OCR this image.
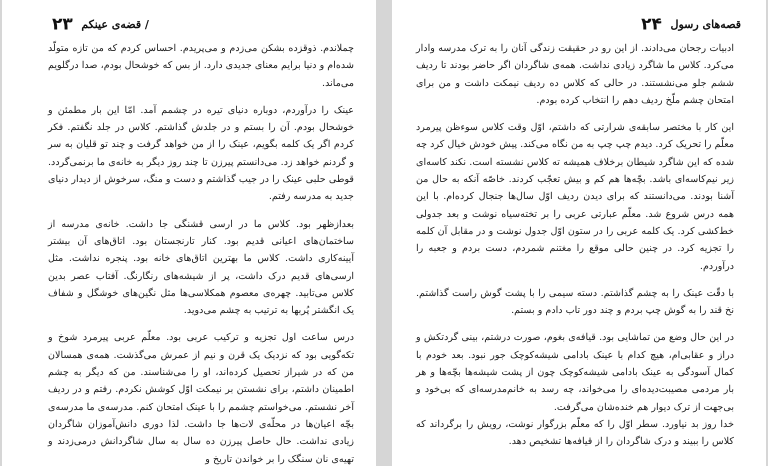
۲۳ قضه‌ی عینکم /

چملاندم. ذوقزده بشکن می‌زدم و می‌پریدم. احساس کردم که من تازه متولّد شده‌ام و دنیا برایم معنای جدیدی دارد. از بس که خوشحال بودم، صدا درگلویم می‌ماند.

عینک را درآوردم، دوباره دنیای تیره در چشمم آمد. امّا این بار مطمئن و خوشحال بودم. آن را بستم و در جلدش گذاشتم. کلاس در جلد نگفتم. فکر کردم اگر یک کلمه بگویم، عینک را از من خواهد گرفت و چند تو قلیان به سر و گردنم خواهد زد. می‌دانستم پیرزن تا چند روز دیگر به خانه‌ی ما برنمی‌گردد. قوطی حلبی عینک را در جیب گذاشتم و دست و منگ، سرخوش از دیدار دنیای جدید به مدرسه رفتم.

بعدازظهر بود. کلاس ما در ارسی قشنگی جا داشت. خانه‌ی مدرسه از ساختمان‌های اعیانی قدیم بود. کنار تارنجستان بود. اتاق‌های آن بیشتر آیینه‌کاری داشت. کلاس ما بهترین اتاق‌های خانه بود. پنجره نداشت. مثل ارسی‌های قدیم درک داشت، پر از شیشه‌های رنگارنگ. آفتاب عصر بدین کلاس می‌تابید. چهره‌ی معصوم همکلاسی‌ها مثل نگین‌های خوشگل و شفاف یک انگشتر پُربها به ترتیب به چشم می‌دوید.

درس ساعت اول تجزیه و ترکیب عربی بود. معلّم عربی پیرمرد شوخ و تکه‌گویی بود که نزدیک یک قرن و نیم از عمرش می‌گذشت. همه‌ی همسالان من که در شیراز تحصیل کرده‌اند، او را می‌شناسند. من که دیگر به چشم اطمینان داشتم، برای نشستن بر نیمکت اوّل کوشش نکردم. رفتم و در ردیف آخر نشستم. می‌خواستم چشمم را با عینک امتحان کنم. مدرسه‌ی ما مدرسه‌ی بچّه اعیان‌ها در محلّه‌ی لات‌ها جا داشت. لذا دوری دانش‌آموزان شاگردان زیادی نداشت. حال حاصل پیرزن ده سال به سال شاگردانش درمی‌زدند و تهیه‌ی نان سنگک را بر خواندن تاریخ و

قصه‌های رسول ۲۴

ادبیات رجحان می‌دادند. از این رو در حقیقت زندگی آنان را به ترک مدرسه وادار می‌کرد. کلاس ما شاگرد زیادی نداشت. همه‌ی شاگردان اگر حاضر بودند تا ردیف ششم جلو می‌نشستند. در حالی که کلاس ده ردیف نیمکت داشت و من برای امتحان چشم ملّخ ردیف دهم را انتخاب کرده بودم.

این کار با مختصر سابقه‌ی شرارتی که داشتم، اوّل وقت کلاس سوءظن پیرمرد معلّم را تحریک کرد. دیدم چپ چپ به من نگاه می‌کند. پیش خودش خیال کرد چه شده که این شاگرد شیطان برخلاف همیشه ته کلاس نشسته است. نکند کاسه‌ای زیر نیم‌کاسه‌ای باشد. بچّه‌ها هم کم و بیش تعجّب کردند. خاصّه آنکه به حال من آشنا بودند. می‌دانستند که برای دیدن ردیف اوّل سال‌ها جنجال کرده‌ام. با این همه درس شروع شد. معلّم عبارتی عربی را بر تخته‌سیاه نوشت و بعد جدولی خط‌کشی کرد. یک کلمه عربی را در ستون اوّل جدول نوشت و در مقابل آن کلمه را تجزیه کرد. در چنین حالی موقع را مغتنم شمردم، دست بردم و جعبه را درآوردم.

با دقّت عینک را به چشم گذاشتم. دسته سیمی را با پشت گوش راست گذاشتم. نخ قند را به گوش چپ بردم و چند دور تاب دادم و بستم.

در این حال وضع من تماشایی بود. قیافه‌ی بغوم، صورت درشتم، بینی گردتکش و دراز و عقابی‌ام، هیچ کدام با عینک بادامی شیشه‌کوچک جور نبود. بعد خودم با کمال آسودگی به عینک بادامی شیشه‌کوچک چون از پشت شیشه‌ها بچّه‌ها و هر بار مردمی مصیبت‌دیده‌ای را می‌خواند، چه رسد به خانم‌مدرسه‌ای که بی‌خود و بی‌جهت از ترک دیوار هم خنده‌شان می‌گرفت.

خدا روز بد نیاورد. سطر اوّل را که معلّم بزرگوار نوشت، رویش را برگرداند که کلاس را ببیند و درک شاگردان را از قیافه‌ها تشخیص دهد.
